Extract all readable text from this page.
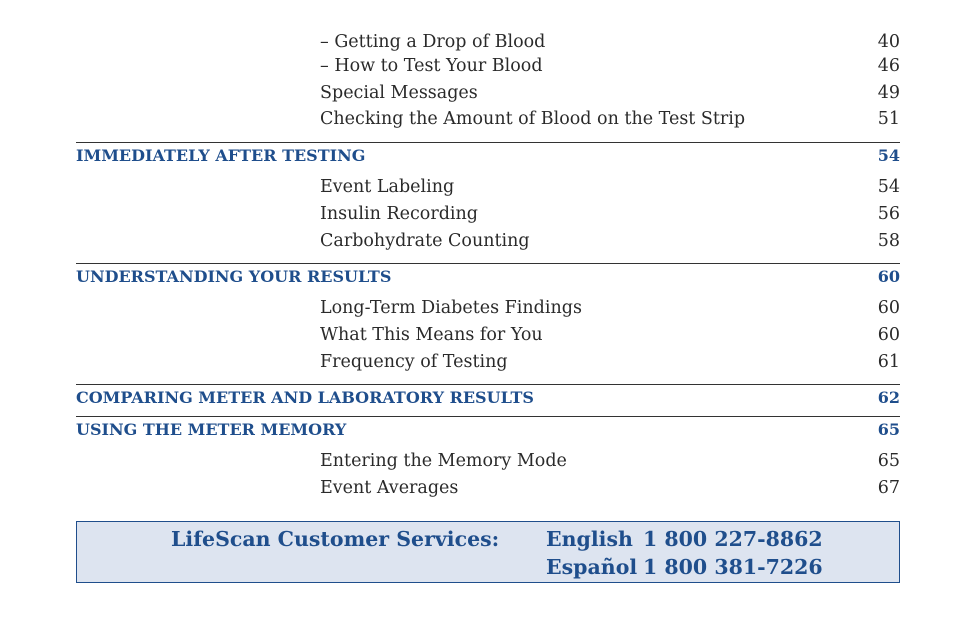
– Getting a Drop of Blood	40
– How to Test Your Blood	46
Special Messages	49
Checking the Amount of Blood on the Test Strip	51
IMMEDIATELY AFTER TESTING	54
Event Labeling	54
Insulin Recording	56
Carbohydrate Counting	58
UNDERSTANDING YOUR RESULTS	60
Long-Term Diabetes Findings	60
What This Means for You	60
Frequency of Testing	61
COMPARING METER AND LABORATORY RESULTS	62
USING THE METER MEMORY	65
Entering the Memory Mode	65
Event Averages	67
LifeScan Customer Services: English 1 800 227-8862
Español 1 800 381-7226
